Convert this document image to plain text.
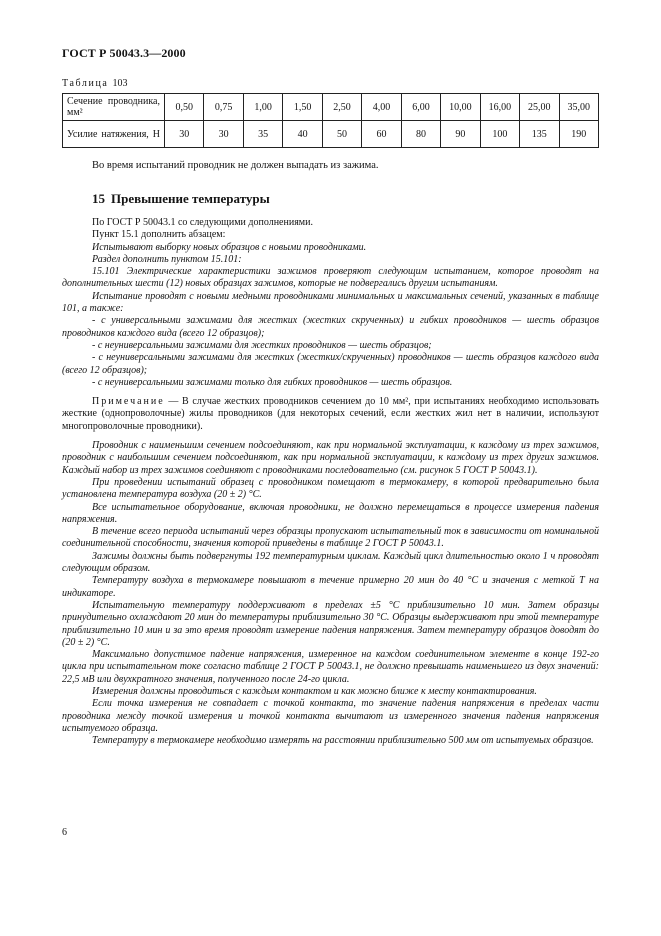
ГОСТ Р 50043.3—2000
Таблица 103
Сечение проводника, мм²	0,50	0,75	1,00	1,50	2,50	4,00	6,00	10,00	16,00	25,00	35,00
Усилие натяжения, Н	30	30	35	40	50	60	80	90	100	135	190
Во время испытаний проводник не должен выпадать из зажима.
15 Превышение температуры

По ГОСТ Р 50043.1 со следующими дополнениями.

Пункт 15.1 дополнить абзацем:

Испытывают выборку новых образцов с новыми проводниками.

Раздел дополнить пунктом 15.101:

15.101 Электрические характеристики зажимов проверяют следующим испытанием, которое проводят на дополнительных шести (12) новых образцах зажимов, которые не подвергались другим испытаниям.

Испытание проводят с новыми медными проводниками минимальных и максимальных сечений, указанных в таблице 101, а также:

- с универсальными зажимами для жестких (жестких скрученных) и гибких проводников — шесть образцов проводников каждого вида (всего 12 образцов);

- с неуниверсальными зажимами для жестких проводников — шесть образцов;

- с неуниверсальными зажимами для жестких (жестких/скрученных) проводников — шесть образцов каждого вида (всего 12 образцов);

- с неуниверсальными зажимами только для гибких проводников — шесть образцов.

Примечание — В случае жестких проводников сечением до 10 мм², при испытаниях необходимо использовать жесткие (однопроволочные) жилы проводников (для некоторых сечений, если жестких жил нет в наличии, используют многопроволочные проводники).

Проводник с наименьшим сечением подсоединяют, как при нормальной эксплуатации, к каждому из трех зажимов, проводник с наибольшим сечением подсоединяют, как при нормальной эксплуатации, к каждому из трех других зажимов. Каждый набор из трех зажимов соединяют с проводниками последовательно (см. рисунок 5 ГОСТ Р 50043.1).

При проведении испытаний образец с проводником помещают в термокамеру, в которой предварительно была установлена температура воздуха (20 ± 2) °С.

Все испытательное оборудование, включая проводники, не должно перемещаться в процессе измерения падения напряжения.

В течение всего периода испытаний через образцы пропускают испытательный ток в зависимости от номинальной соединительной способности, значения которой приведены в таблице 2 ГОСТ Р 50043.1.

Зажимы должны быть подвергнуты 192 температурным циклам. Каждый цикл длительностью около 1 ч проводят следующим образом.

Температуру воздуха в термокамере повышают в течение примерно 20 мин до 40 °С и значения с меткой Т на индикаторе.

Испытательную температуру поддерживают в пределах ±5 °С приблизительно 10 мин. Затем образцы принудительно охлаждают 20 мин до температуры приблизительно 30 °С. Образцы выдерживают при этой температуре приблизительно 10 мин и за это время проводят измерение падения напряжения. Затем температуру образцов доводят до (20 ± 2) °С.

Максимально допустимое падение напряжения, измеренное на каждом соединительном элементе в конце 192-го цикла при испытательном токе согласно таблице 2 ГОСТ Р 50043.1, не должно превышать наименьшего из двух значений: 22,5 мВ или двухкратного значения, полученного после 24-го цикла.

Измерения должны проводиться с каждым контактом и как можно ближе к месту контактирования.

Если точка измерения не совпадает с точкой контакта, то значение падения напряжения в пределах части проводника между точкой измерения и точкой контакта вычитают из измеренного значения падения напряжения испытуемого образца.

Температуру в термокамере необходимо измерять на расстоянии приблизительно 500 мм от испытуемых образцов.

6
